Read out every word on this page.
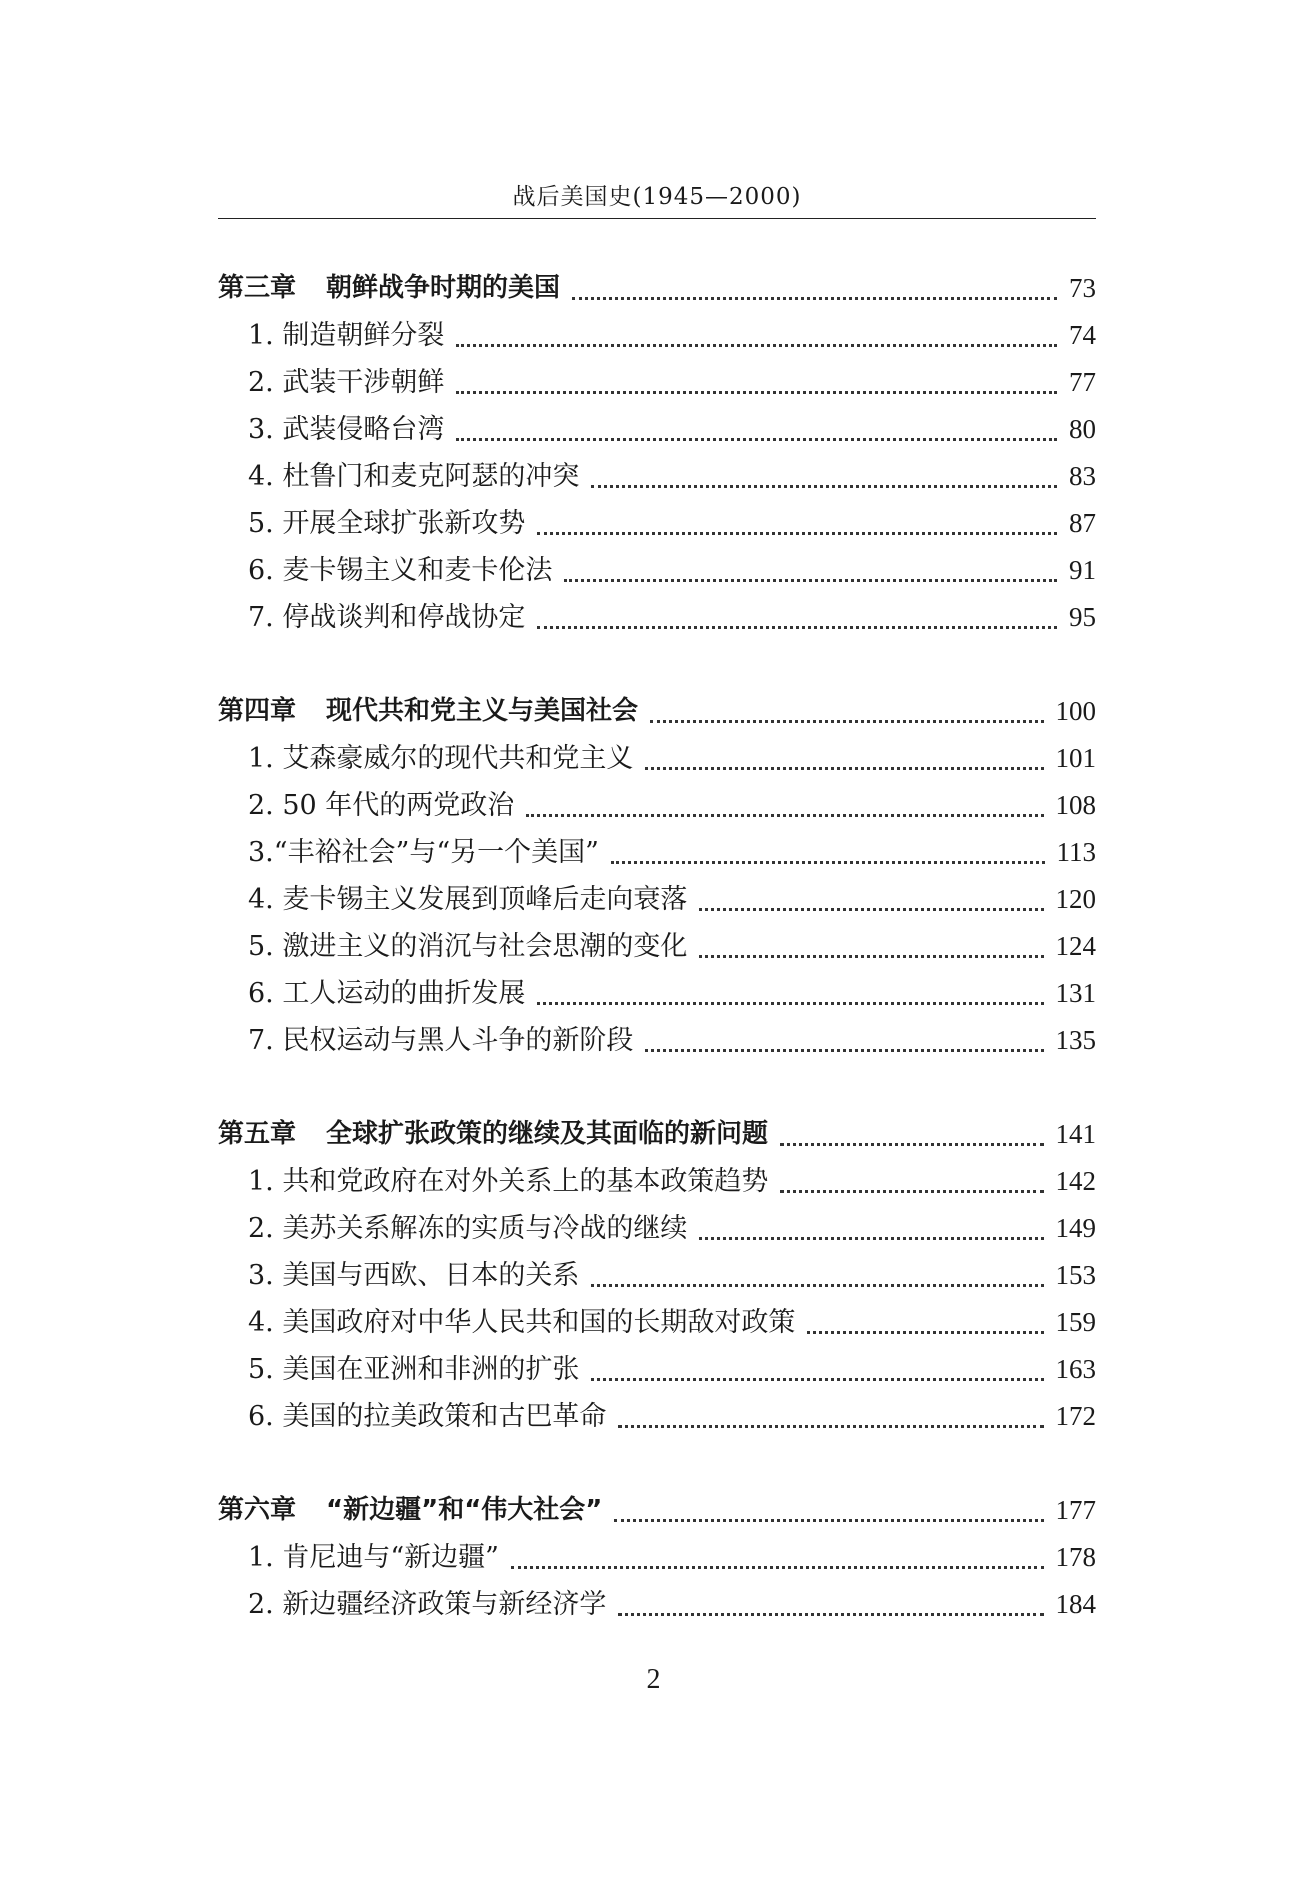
战后美国史(1945—2000)
第三章 朝鲜战争时期的美国	73
1. 制造朝鲜分裂	74
2. 武装干涉朝鲜	77
3. 武装侵略台湾	80
4. 杜鲁门和麦克阿瑟的冲突	83
5. 开展全球扩张新攻势	87
6. 麦卡锡主义和麦卡伦法	91
7. 停战谈判和停战协定	95
第四章 现代共和党主义与美国社会	100
1. 艾森豪威尔的现代共和党主义	101
2. 50 年代的两党政治	108
3.“丰裕社会”与“另一个美国”	113
4. 麦卡锡主义发展到顶峰后走向衰落	120
5. 激进主义的消沉与社会思潮的变化	124
6. 工人运动的曲折发展	131
7. 民权运动与黑人斗争的新阶段	135
第五章 全球扩张政策的继续及其面临的新问题	141
1. 共和党政府在对外关系上的基本政策趋势	142
2. 美苏关系解冻的实质与冷战的继续	149
3. 美国与西欧、日本的关系	153
4. 美国政府对中华人民共和国的长期敌对政策	159
5. 美国在亚洲和非洲的扩张	163
6. 美国的拉美政策和古巴革命	172
第六章 “新边疆”和“伟大社会”	177
1. 肯尼迪与“新边疆”	178
2. 新边疆经济政策与新经济学	184
2
